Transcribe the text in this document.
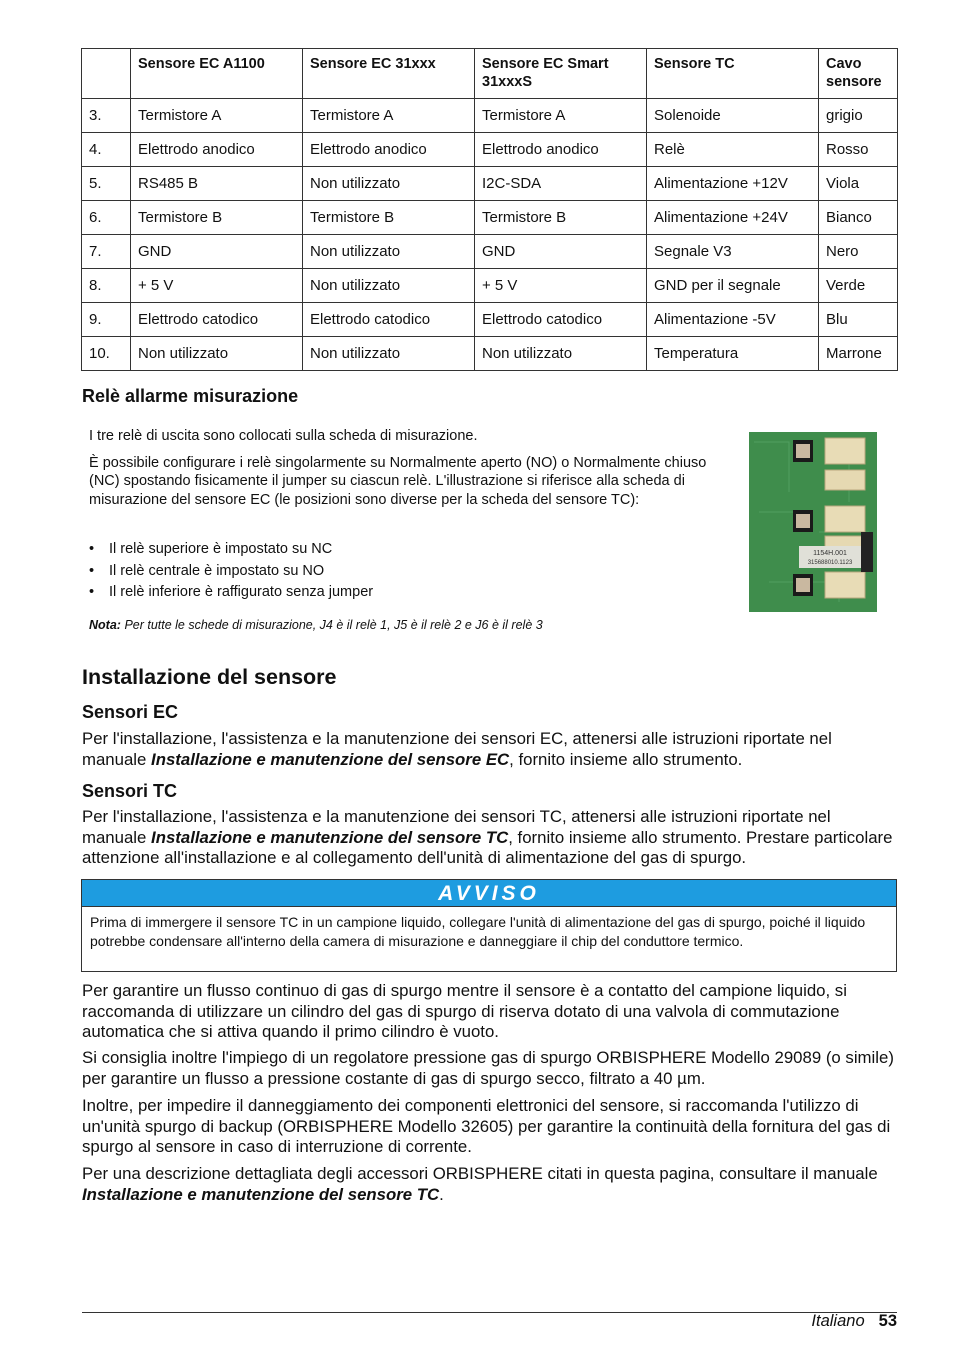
	Sensore EC A1100	Sensore EC 31xxx	Sensore EC Smart 31xxxS	Sensore TC	Cavo sensore
3.	Termistore A	Termistore A	Termistore A	Solenoide	grigio
4.	Elettrodo anodico	Elettrodo anodico	Elettrodo anodico	Relè	Rosso
5.	RS485 B	Non utilizzato	I2C-SDA	Alimentazione +12V	Viola
6.	Termistore B	Termistore B	Termistore B	Alimentazione +24V	Bianco
7.	GND	Non utilizzato	GND	Segnale V3	Nero
8.	+ 5 V	Non utilizzato	+ 5 V	GND per il segnale	Verde
9.	Elettrodo catodico	Elettrodo catodico	Elettrodo catodico	Alimentazione -5V	Blu
10.	Non utilizzato	Non utilizzato	Non utilizzato	Temperatura	Marrone
Relè allarme misurazione

I tre relè di uscita sono collocati sulla scheda di misurazione.

È possibile configurare i relè singolarmente su Normalmente aperto (NO) o Normalmente chiuso (NC) spostando fisicamente il jumper su ciascun relè. L'illustrazione si riferisce alla scheda di misurazione del sensore EC (le posizioni sono diverse per la scheda del sensore TC):

• Il relè superiore è impostato su NC
• Il relè centrale è impostato su NO
• Il relè inferiore è raffigurato senza jumper
Nota: Per tutte le schede di misurazione, J4 è il relè 1, J5 è il relè 2 e J6 è il relè 3
1154H.001
315688010.1123
Installazione del sensore
Sensori EC

Per l'installazione, l'assistenza e la manutenzione dei sensori EC, attenersi alle istruzioni riportate nel manuale Installazione e manutenzione del sensore EC, fornito insieme allo strumento.

Sensori TC

Per l'installazione, l'assistenza e la manutenzione dei sensori TC, attenersi alle istruzioni riportate nel manuale Installazione e manutenzione del sensore TC, fornito insieme allo strumento. Prestare particolare attenzione all'installazione e al collegamento dell'unità di alimentazione del gas di spurgo.

AVVISO
Prima di immergere il sensore TC in un campione liquido, collegare l'unità di alimentazione del gas di spurgo, poiché il liquido potrebbe condensare all'interno della camera di misurazione e danneggiare il chip del conduttore termico.

Per garantire un flusso continuo di gas di spurgo mentre il sensore è a contatto del campione liquido, si raccomanda di utilizzare un cilindro del gas di spurgo di riserva dotato di una valvola di commutazione automatica che si attiva quando il primo cilindro è vuoto.

Si consiglia inoltre l'impiego di un regolatore pressione gas di spurgo ORBISPHERE Modello 29089 (o simile) per garantire un flusso a pressione costante di gas di spurgo secco, filtrato a 40 µm.

Inoltre, per impedire il danneggiamento dei componenti elettronici del sensore, si raccomanda l'utilizzo di un'unità spurgo di backup (ORBISPHERE Modello 32605) per garantire la continuità della fornitura del gas di spurgo al sensore in caso di interruzione di corrente.

Per una descrizione dettagliata degli accessori ORBISPHERE citati in questa pagina, consultare il manuale Installazione e manutenzione del sensore TC.

Italiano 53
